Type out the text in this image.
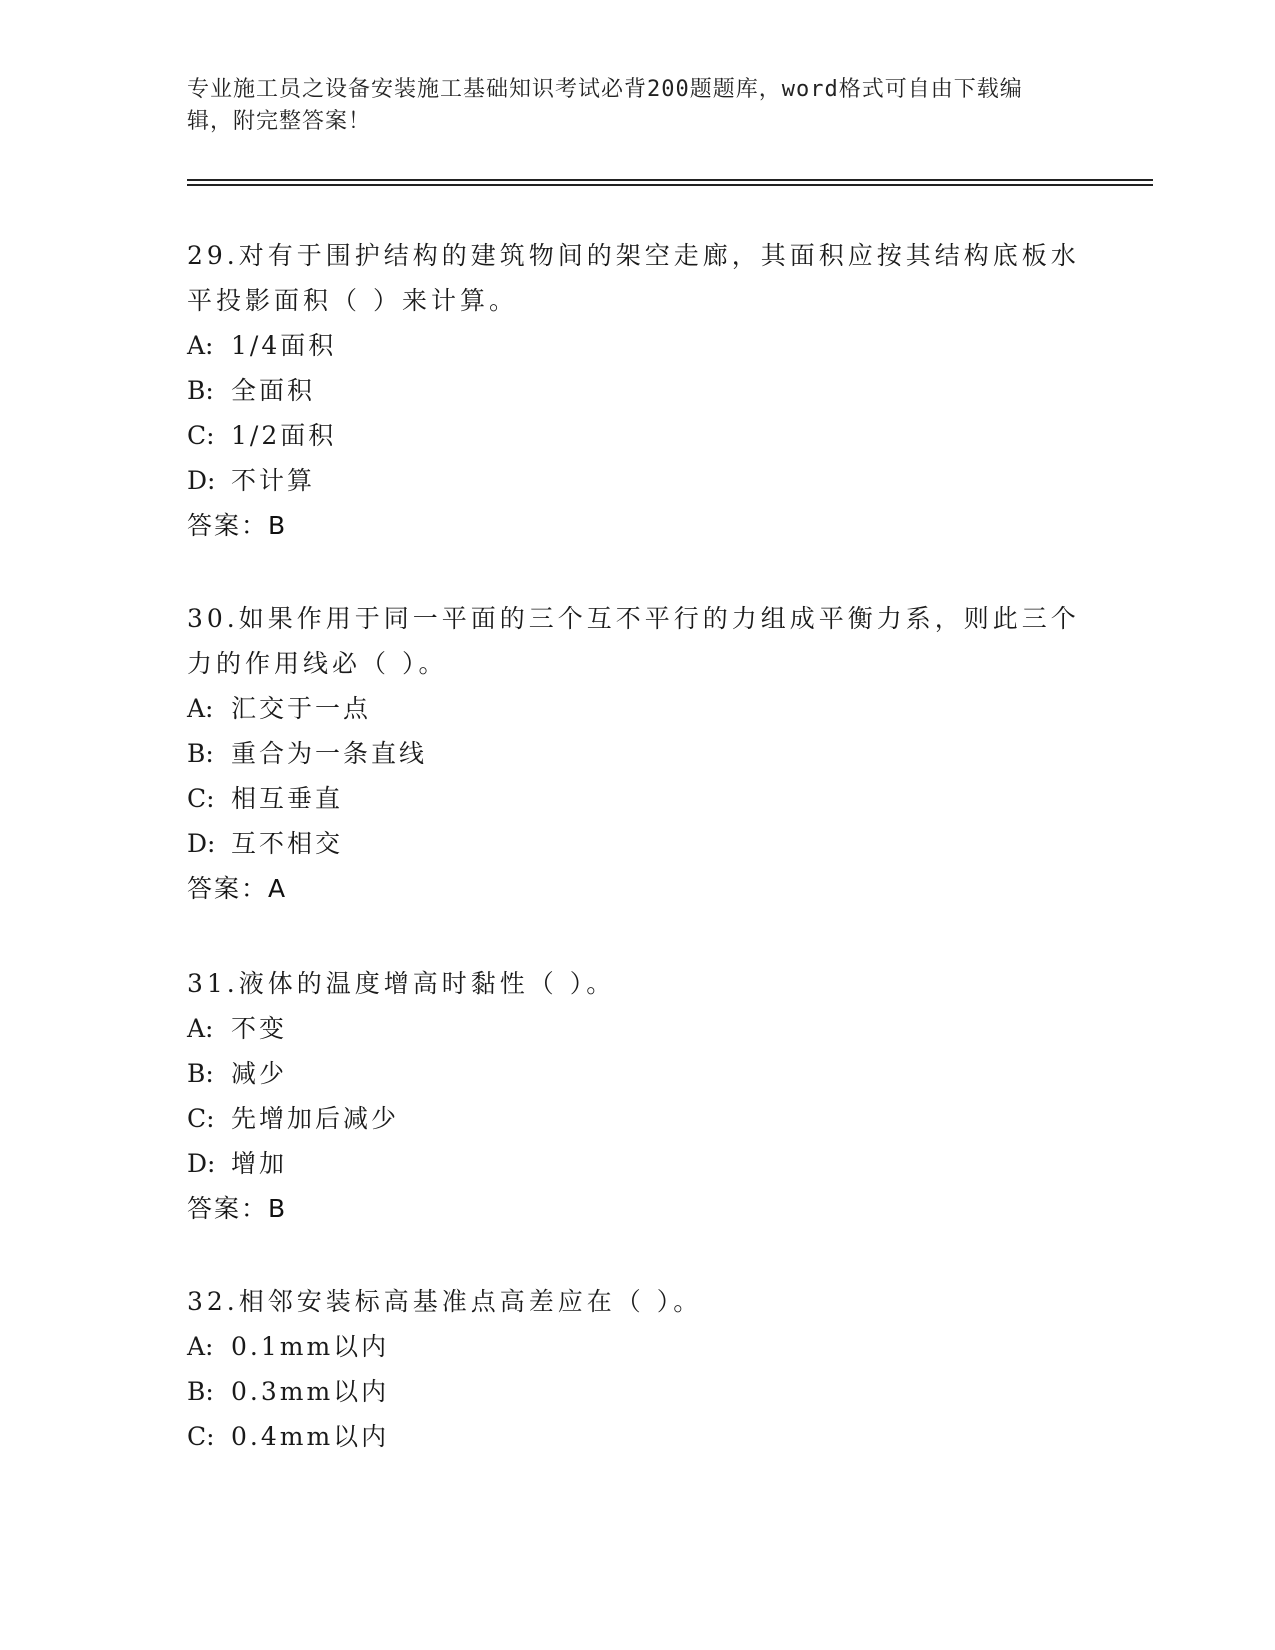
专业施工员之设备安装施工基础知识考试必背200题题库，word格式可自由下载编辑，附完整答案！

29.对有于围护结构的建筑物间的架空走廊，其面积应按其结构底板水平投影面积（ ）来计算。

A: 1/4面积

B: 全面积

C: 1/2面积

D: 不计算

答案：B

30.如果作用于同一平面的三个互不平行的力组成平衡力系，则此三个力的作用线必（ ）。

A: 汇交于一点

B: 重合为一条直线

C: 相互垂直

D: 互不相交

答案：A

31.液体的温度增高时黏性（ ）。

A: 不变

B: 减少

C: 先增加后减少

D: 增加

答案：B

32.相邻安装标高基准点高差应在（ ）。

A: 0.1mm以内

B: 0.3mm以内

C: 0.4mm以内
